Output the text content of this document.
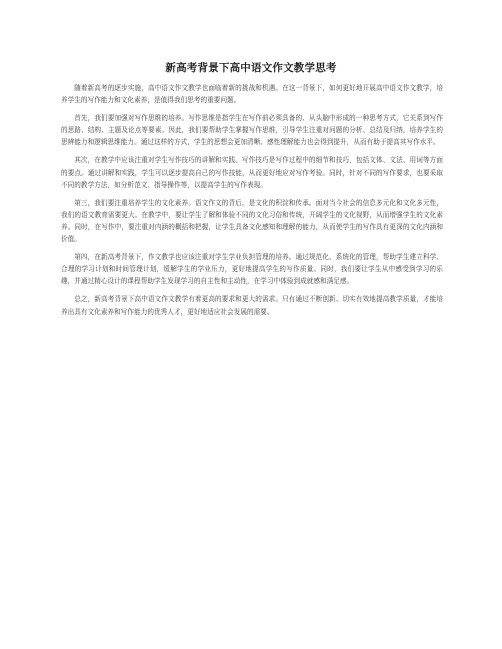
新高考背景下高中语文作文教学思考

随着新高考的逐步实施，高中语文作文教学也面临着新的挑战和机遇。在这一背景下，如何更好地开展高中语文作文教学，培养学生的写作能力和文化素养，是值得我们思考的重要问题。

首先，我们要加强对写作思维的培养。写作思维是指学生在写作前必须具备的、从头脑中形成的一种思考方式，它关系到写作的思路、结构、主题及论点等要素。因此，我们要帮助学生掌握写作思维，引导学生注重对问题的分析、总结及归纳，培养学生的思辨能力和逻辑思维能力。通过这样的方式，学生的思想会更加清晰、感性理解能力也会得到提升，从而有助于提高其写作水平。

其次，在教学中应该注重对学生写作技巧的讲解和实践。写作技巧是写作过程中的细节和技巧，包括文体、文法、用词等方面的要点。通过讲解和实践，学生可以逐步提高自己的写作技能，从而更好地应对写作考验。同时，针对不同的写作要求，也要采取不同的教学方法，如分析范文、指导操作等，以提高学生的写作表现。

第三，我们要注重培养学生的文化素养。语文作文的背后，是文化的积淀和传承。面对当今社会的信息多元化和文化多元性，我们的语文教育需要更大。在教学中，要让学生了解和体验不同的文化习俗和传统，开阔学生的文化视野，从而增强学生的文化素养。同时，在写作中，要注重对内涵的概括和把握，让学生具备文化感知和理解的能力，从而使学生的写作具有更深的文化内涵和价值。

第四，在新高考背景下，作文教学也应该注重对学生学业负担管理的培养。通过规范化、系统化的管理，帮助学生建立科学、合理的学习计划和时间管理计划，缓解学生的学业压力，更好地提高学生的写作质量。同时，我们要让学生从中感受到学习的乐趣，并通过精心设计的课程帮助学生发现学习的自主性和主动性，在学习中体验到成就感和满足感。

总之，新高考背景下高中语文作文教学有着更高的要求和更大的需求。只有通过不断创新、切实有效地提高教学质量，才能培养出具有文化素养和写作能力的优秀人才，更好地适应社会发展的需要。
